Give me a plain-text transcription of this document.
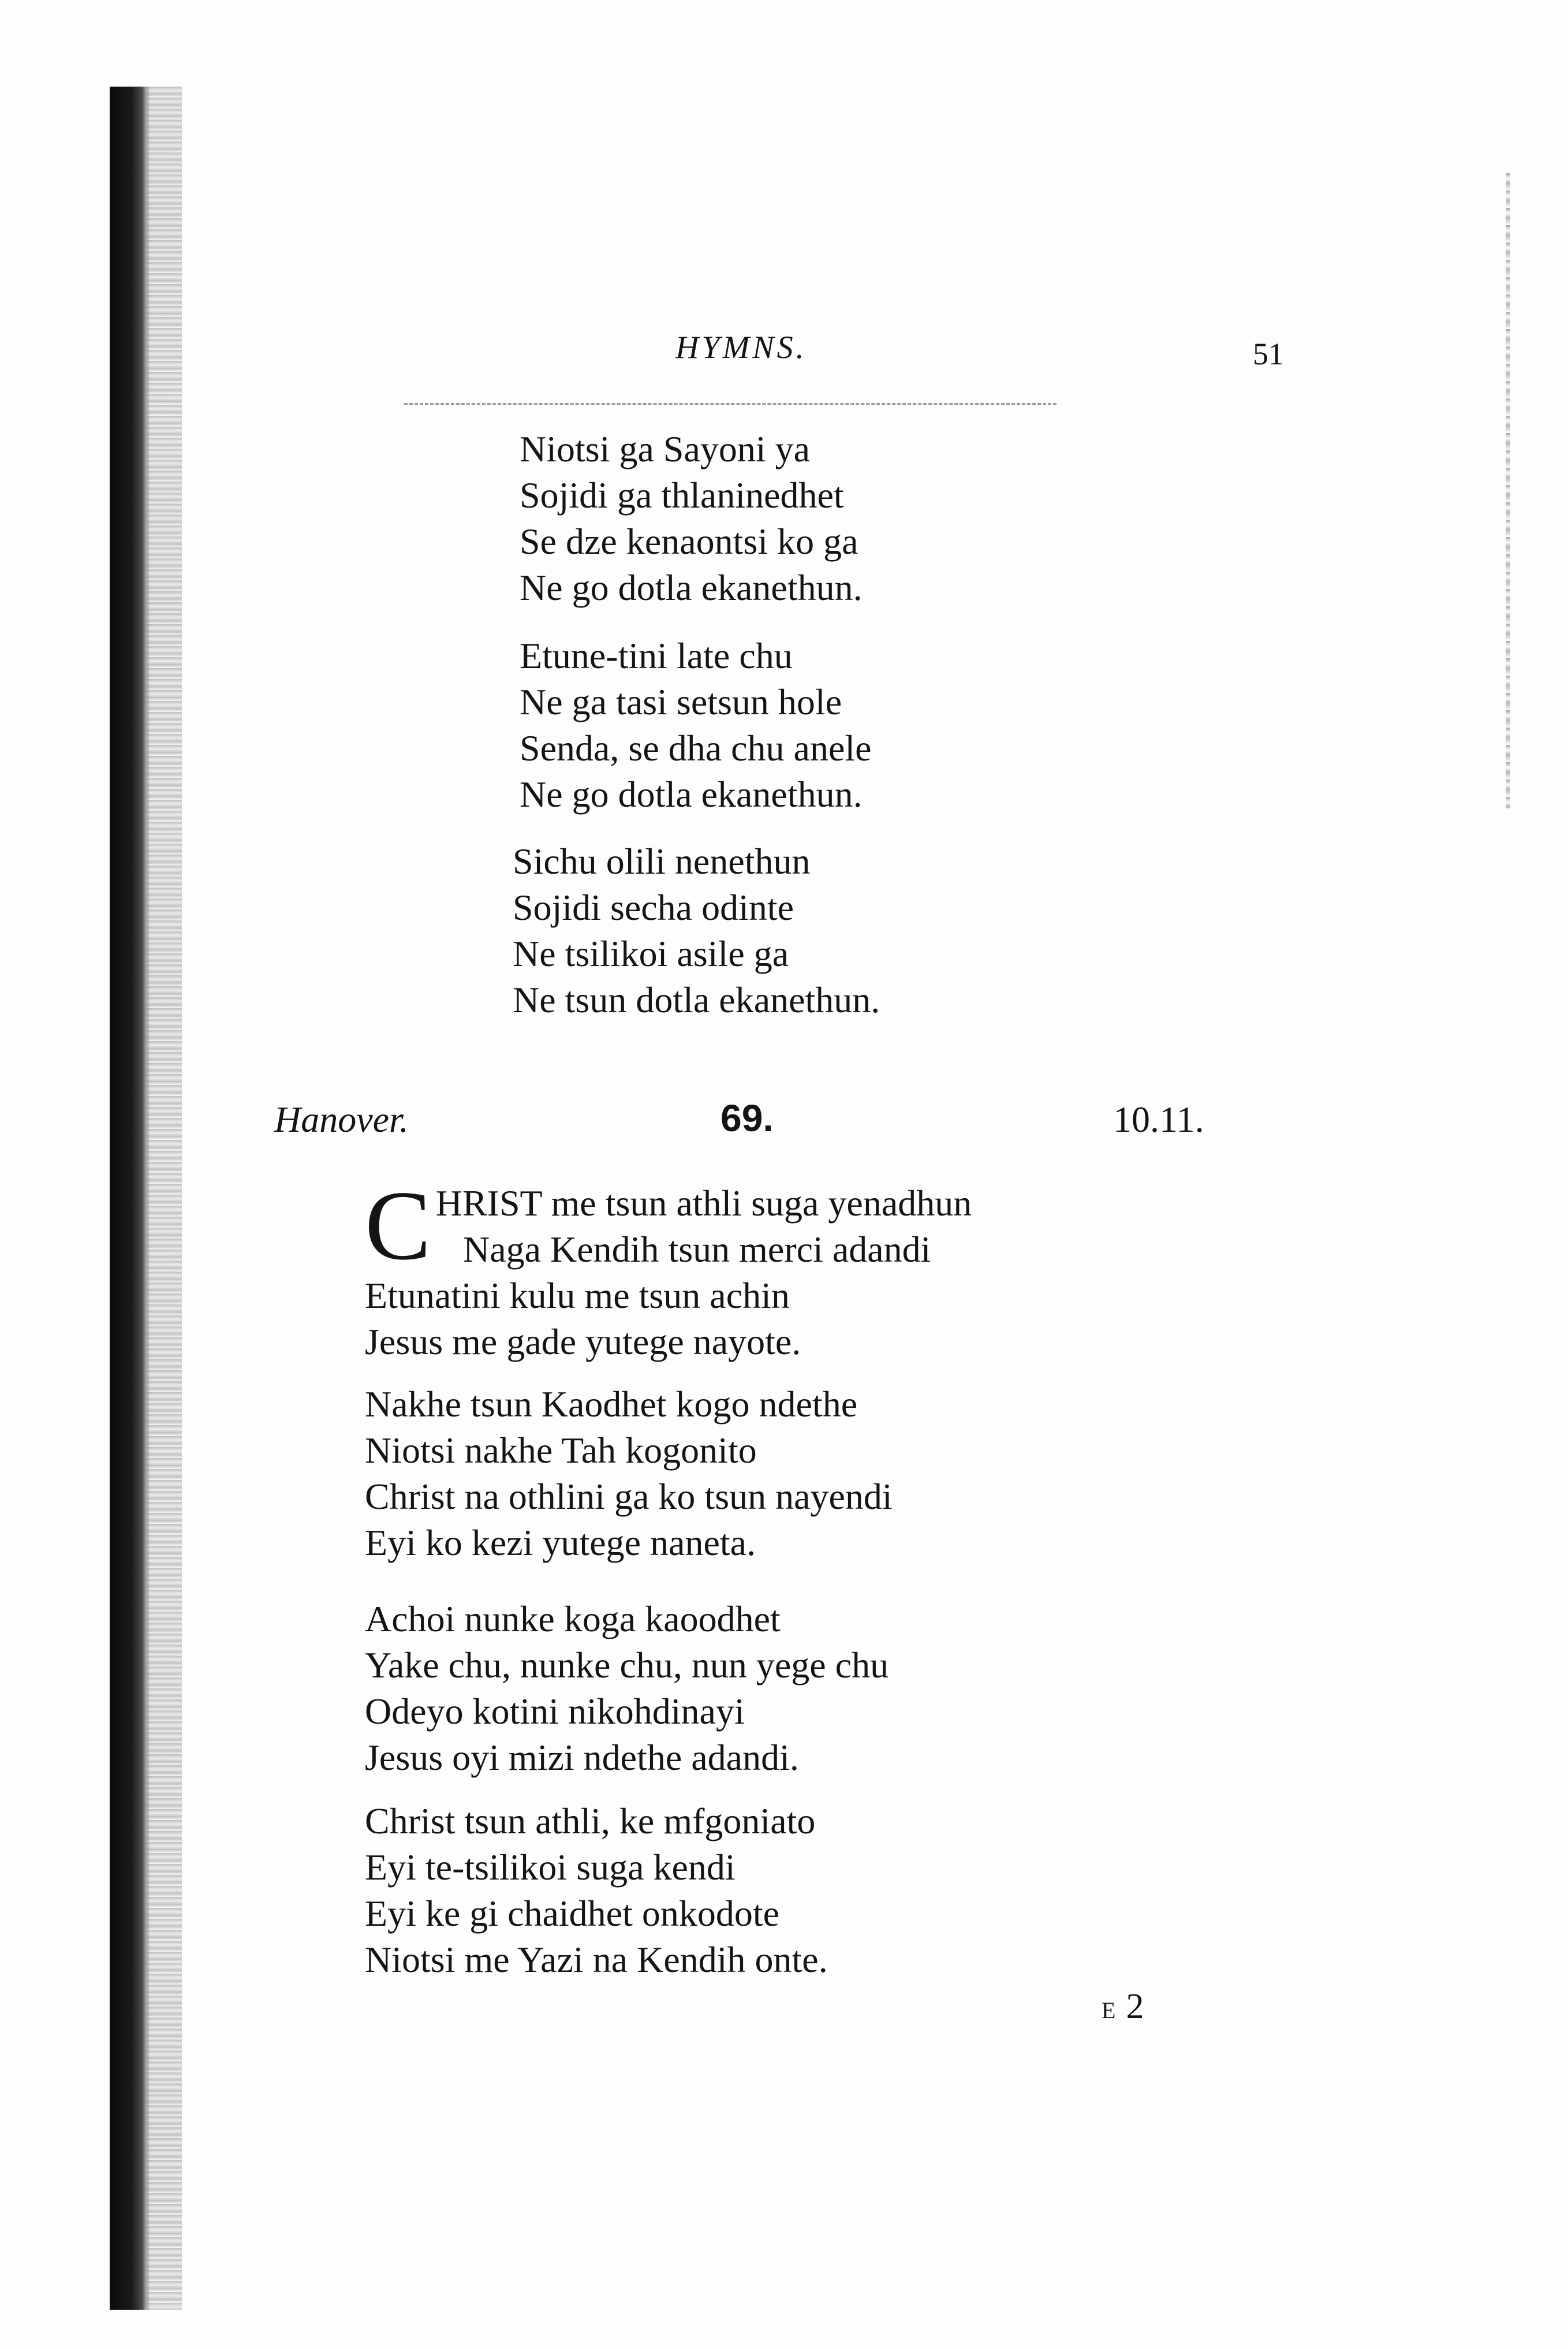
HYMNS.	51
Niotsi ga Sayoni ya
Sojidi ga thlaninedhet
Se dze kenaontsi ko ga
Ne go dotla ekanethun.
Etune-tini late chu
Ne ga tasi setsun hole
Senda, se dha chu anele
Ne go dotla ekanethun.
Sichu olili nenethun
Sojidi secha odinte
Ne tsilikoi asile ga
Ne tsun dotla ekanethun.
Hanover.	69.	10.11.
C HRIST me tsun athli suga yenadhun
Naga Kendih tsun merci adandi
Etunatini kulu me tsun achin
Jesus me gade yutege nayote.
Nakhe tsun Kaodhet kogo ndethe
Niotsi nakhe Tah kogonito
Christ na othlini ga ko tsun nayendi
Eyi ko kezi yutege naneta.
Achoi nunke koga kaoodhet
Yake chu, nunke chu, nun yege chu
Odeyo kotini nikohdinayi
Jesus oyi mizi ndethe adandi.
Christ tsun athli, ke mfgoniato
Eyi te-tsilikoi suga kendi
Eyi ke gi chaidhet onkodote
Niotsi me Yazi na Kendih onte.
E 2
